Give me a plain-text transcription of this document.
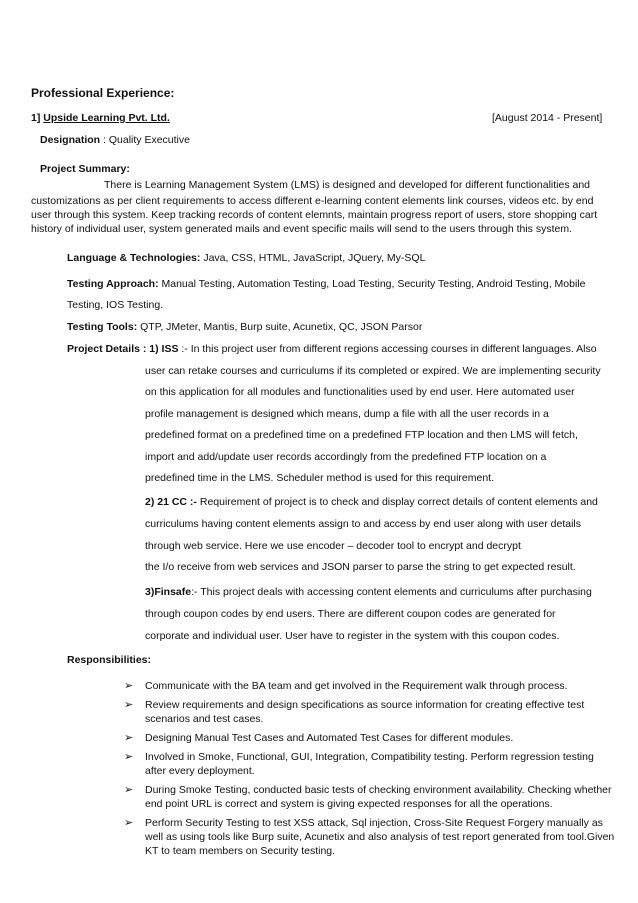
Professional Experience:
1] Upside Learning Pvt. Ltd.	[August 2014 - Present]
Designation : Quality Executive
Project Summary:
There is Learning Management System (LMS) is designed and developed for different functionalities and
customizations as per client requirements to access different e-learning content elements link courses, videos etc. by end
user through this system. Keep tracking records of content elemnts, maintain progress report of users, store shopping cart
history of individual user, system generated mails and event specific mails will send to the users through this system.
Language & Technologies: Java, CSS, HTML, JavaScript, JQuery, My-SQL
Testing Approach: Manual Testing, Automation Testing, Load Testing, Security Testing, Android Testing, Mobile
Testing, IOS Testing.
Testing Tools: QTP, JMeter, Mantis, Burp suite, Acunetix, QC, JSON Parsor
Project Details : 1) ISS :- In this project user from different regions accessing courses in different languages. Also
user can retake courses and curriculums if its completed or expired. We are implementing security
on this application for all modules and functionalities used by end user. Here automated user
profile management is designed which means, dump a file with all the user records in a
predefined format on a predefined time on a predefined FTP location and then LMS will fetch,
import and add/update user records accordingly from the predefined FTP location on a
predefined time in the LMS. Scheduler method is used for this requirement.
2) 21 CC :- Requirement of project is to check and display correct details of content elements and
curriculums having content elements assign to and access by end user along with user details
through web service. Here we use encoder – decoder tool to encrypt and decrypt
the I/o receive from web services and JSON parser to parse the string to get expected result.
3)Finsafe:- This project deals with accessing content elements and curriculums after purchasing
through coupon codes by end users. There are different coupon codes are generated for
corporate and individual user. User have to register in the system with this coupon codes.
Responsibilities:
➢ Communicate with the BA team and get involved in the Requirement walk through process.
➢ Review requirements and design specifications as source information for creating effective test scenarios and test cases.
➢ Designing Manual Test Cases and Automated Test Cases for different modules.
➢ Involved in Smoke, Functional, GUI, Integration, Compatibility testing. Perform regression testing after every deployment.
➢ During Smoke Testing, conducted basic tests of checking environment availability. Checking whether end point URL is correct and system is giving expected responses for all the operations.
➢ Perform Security Testing to test XSS attack, Sql injection, Cross-Site Request Forgery manually as well as using tools like Burp suite, Acunetix and also analysis of test report generated from tool.Given KT to team members on Security testing.
